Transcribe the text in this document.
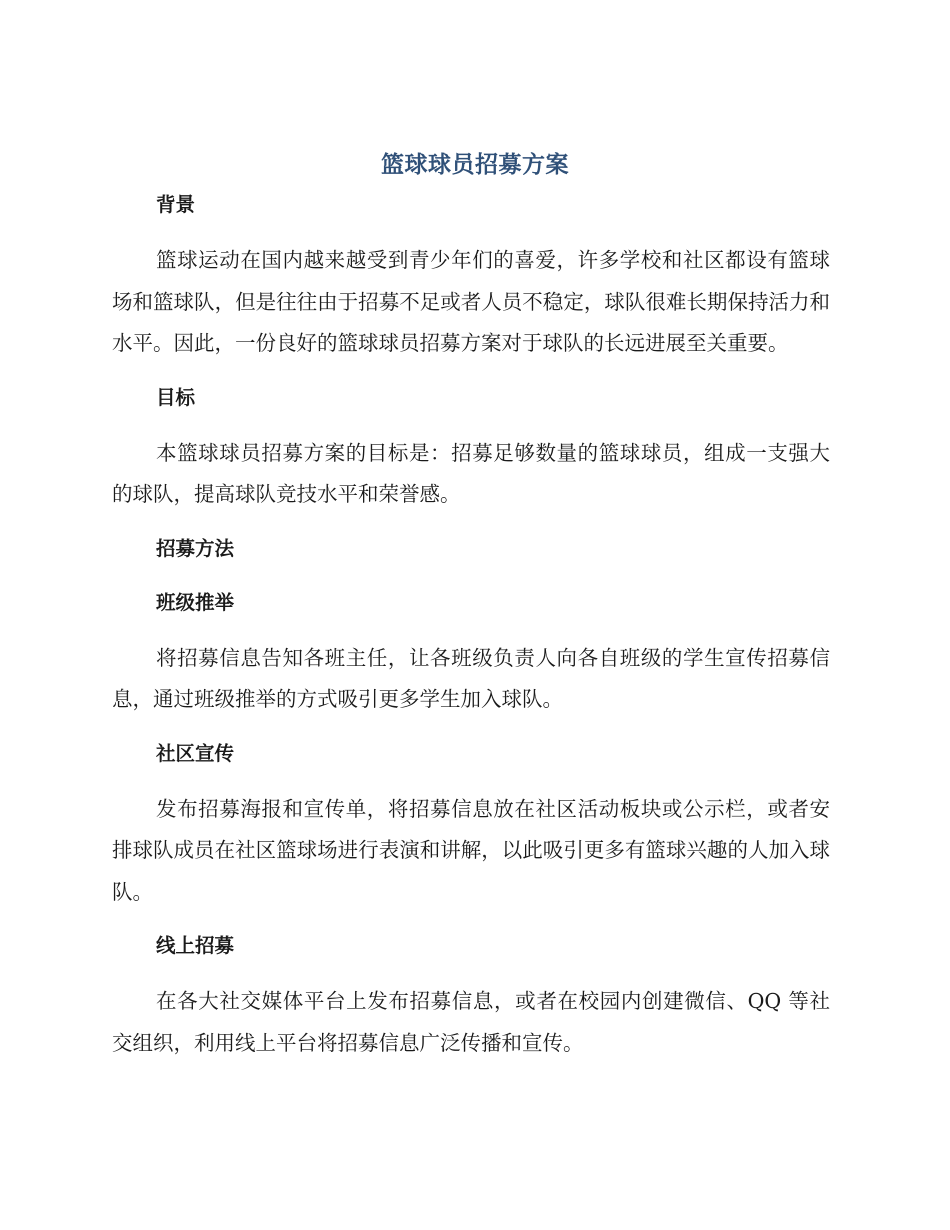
篮球球员招募方案
背景

篮球运动在国内越来越受到青少年们的喜爱，许多学校和社区都设有篮球场和篮球队，但是往往由于招募不足或者人员不稳定，球队很难长期保持活力和水平。因此，一份良好的篮球球员招募方案对于球队的长远进展至关重要。

目标

本篮球球员招募方案的目标是：招募足够数量的篮球球员，组成一支强大的球队，提高球队竞技水平和荣誉感。

招募方法
班级推举

将招募信息告知各班主任，让各班级负责人向各自班级的学生宣传招募信息，通过班级推举的方式吸引更多学生加入球队。

社区宣传

发布招募海报和宣传单，将招募信息放在社区活动板块或公示栏，或者安排球队成员在社区篮球场进行表演和讲解，以此吸引更多有篮球兴趣的人加入球队。

线上招募

在各大社交媒体平台上发布招募信息，或者在校园内创建微信、QQ 等社交组织，利用线上平台将招募信息广泛传播和宣传。
